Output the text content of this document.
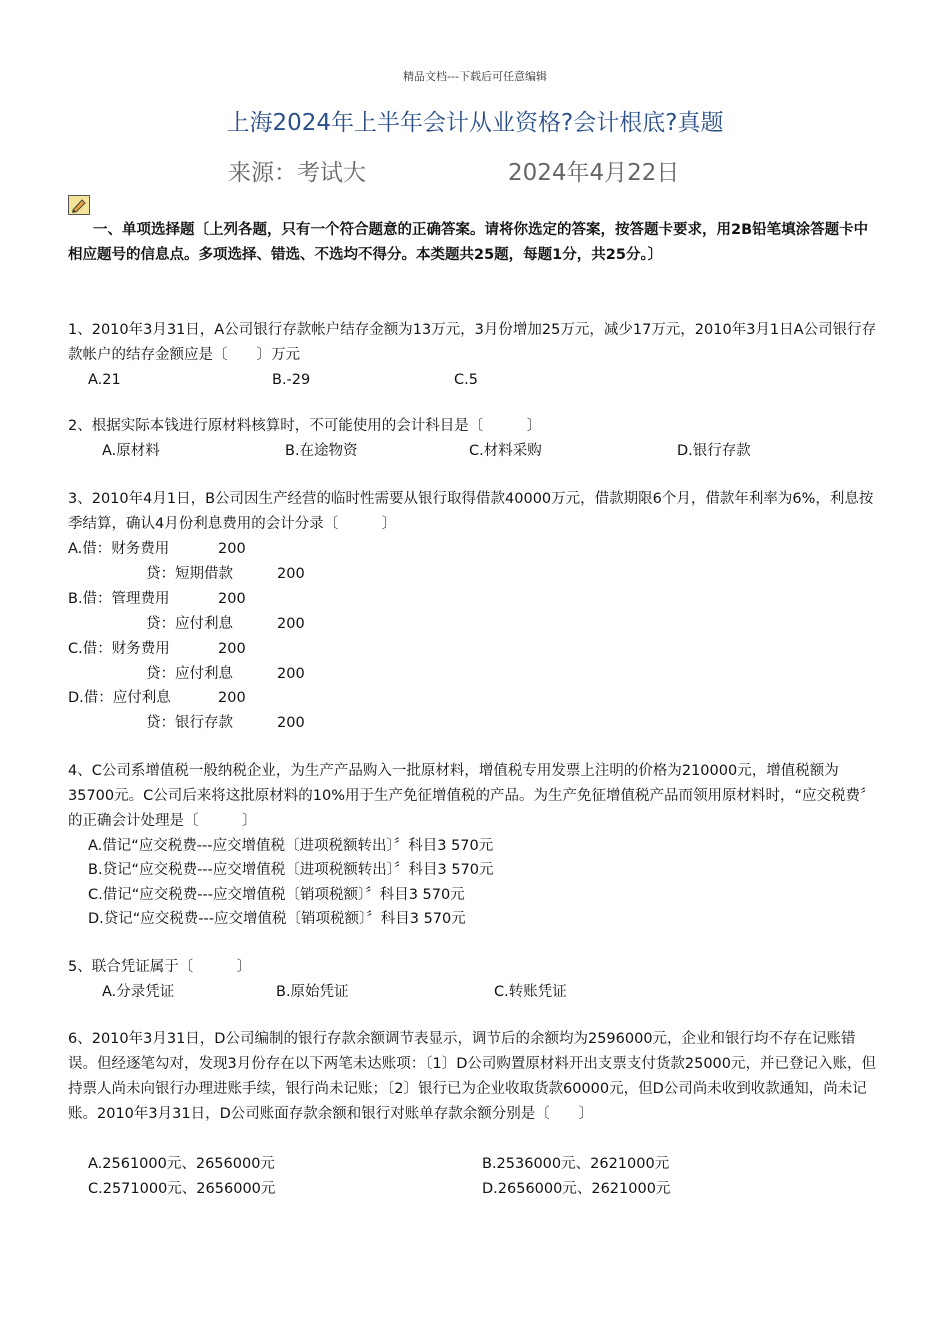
精品文档---下载后可任意编辑
上海2024年上半年会计从业资格?会计根底?真题
来源：考试大	2024年4月22日
一、单项选择题〔上列各题，只有一个符合题意的正确答案。请将你选定的答案，按答题卡要求，用2B铅笔填涂答题卡中相应题号的信息点。多项选择、错选、不选均不得分。本类题共25题，每题1分，共25分。〕
1、2010年3月31日，A公司银行存款帐户结存金额为13万元，3月份增加25万元，减少17万元，2010年3月1日A公司银行存款帐户的结存金额应是〔　　〕万元
A.21	B.-29	C.5
2、根据实际本钱进行原材料核算时，不可能使用的会计科目是〔　　　〕
A.原材料	B.在途物资	C.材料采购	D.银行存款
3、2010年4月1日，B公司因生产经营的临时性需要从银行取得借款40000万元，借款期限6个月，借款年利率为6%，利息按季结算，确认4月份利息费用的会计分录〔　　　〕
A.借：财务费用	200
贷：短期借款	200
B.借：管理费用	200
贷：应付利息	200
C.借：财务费用	200
贷：应付利息	200
D.借：应付利息	200
贷：银行存款	200
4、C公司系增值税一般纳税企业，为生产产品购入一批原材料，增值税专用发票上注明的价格为210000元，增值税额为35700元。C公司后来将这批原材料的10%用于生产免征增值税的产品。为生产免征增值税产品而领用原材料时，“应交税费〞的正确会计处理是〔　　　〕
A.借记“应交税费---应交增值税〔进项税额转出〕〞科目3 570元
B.贷记“应交税费---应交增值税〔进项税额转出〕〞科目3 570元
C.借记“应交税费---应交增值税〔销项税额〕〞科目3 570元
D.贷记“应交税费---应交增值税〔销项税额〕〞科目3 570元
5、联合凭证属于〔　　　〕
A.分录凭证	B.原始凭证	C.转账凭证
6、2010年3月31日，D公司编制的银行存款余额调节表显示，调节后的余额均为2596000元，企业和银行均不存在记账错误。但经逐笔勾对，发现3月份存在以下两笔未达账项：〔1〕D公司购置原材料开出支票支付货款25000元，并已登记入账，但持票人尚未向银行办理进账手续，银行尚未记账；〔2〕银行已为企业收取货款60000元，但D公司尚未收到收款通知，尚未记账。2010年3月31日，D公司账面存款余额和银行对账单存款余额分别是〔　　〕
A.2561000元、2656000元	B.2536000元、2621000元
C.2571000元、2656000元	D.2656000元、2621000元
